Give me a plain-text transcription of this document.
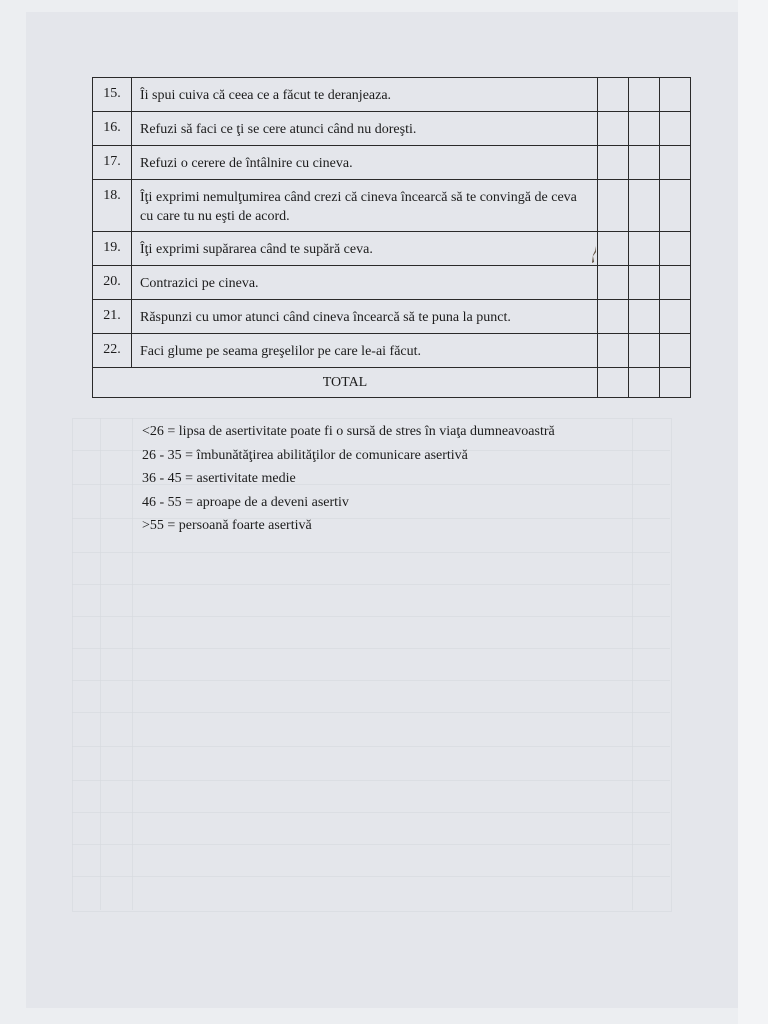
15.	Îi spui cuiva că ceea ce a făcut te deranjeaza.			
16.	Refuzi să faci ce ţi se cere atunci când nu doreşti.			
17.	Refuzi o cerere de întâlnire cu cineva.			
18.	Îţi exprimi nemulţumirea când crezi că cineva încearcă să te convingă de ceva cu care tu nu eşti de acord.			
19.	Îţi exprimi supărarea când te supără ceva.			
20.	Contrazici pe cineva.			
21.	Răspunzi cu umor atunci când cineva încearcă să te puna la punct.			
22.	Faci glume pe seama greşelilor pe care le-ai făcut.			
TOTAL				
<26 = lipsa de asertivitate poate fi o sursă de stres în viaţa dumneavoastră
26 - 35 = îmbunătăţirea abilităţilor de comunicare asertivă
36 - 45 = asertivitate medie
46 - 55 = aproape de a deveni asertiv
>55 = persoană foarte asertivă
